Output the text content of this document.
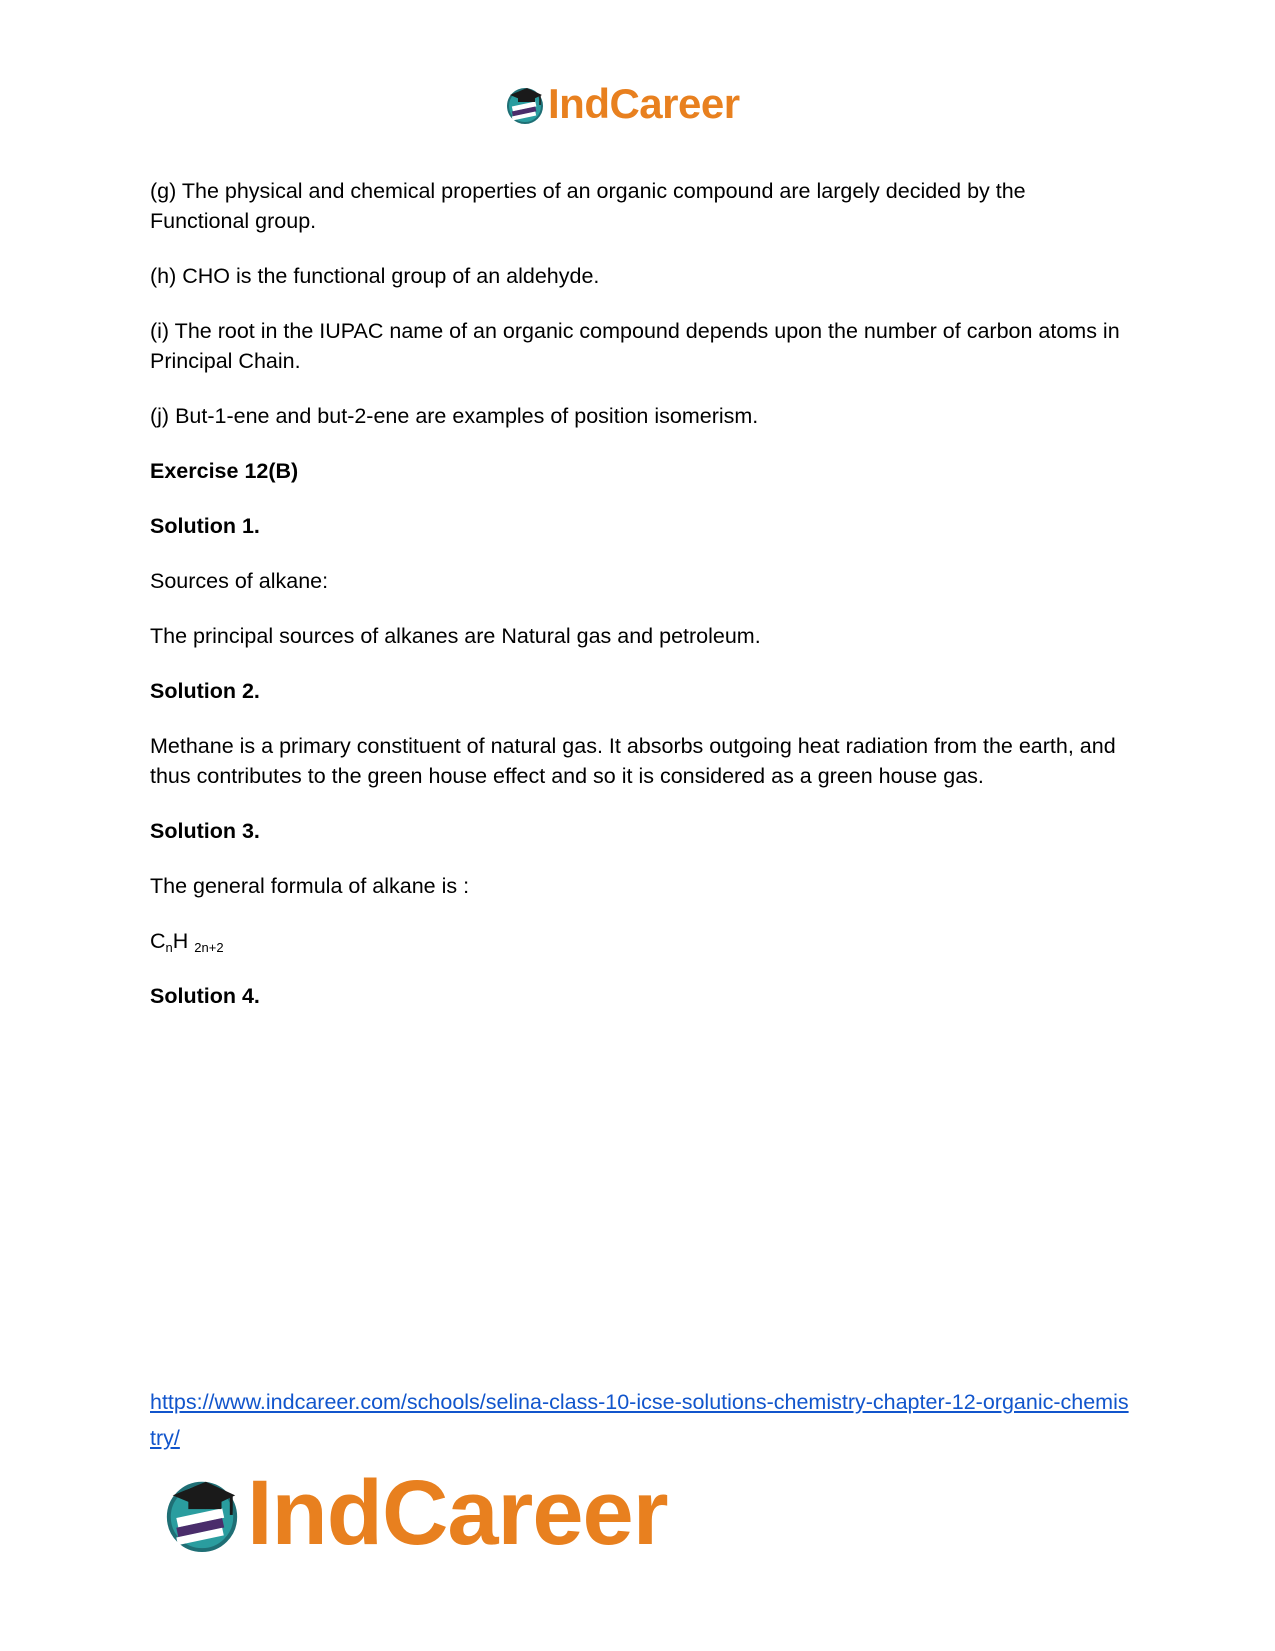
IndCareer

(g) The physical and chemical properties of an organic compound are largely decided by the Functional group.

(h) CHO is the functional group of an aldehyde.

(i) The root in the IUPAC name of an organic compound depends upon the number of carbon atoms in Principal Chain.

(j) But-1-ene and but-2-ene are examples of position isomerism.

Exercise 12(B)

Solution 1.

Sources of alkane:

The principal sources of alkanes are Natural gas and petroleum.

Solution 2.

Methane is a primary constituent of natural gas. It absorbs outgoing heat radiation from the earth, and thus contributes to the green house effect and so it is considered as a green house gas.

Solution 3.

The general formula of alkane is :

$C_nH$ $_{2n+2}$

Solution 4.

https://www.indcareer.com/schools/selina-class-10-icse-solutions-chemistry-chapter-12-organic-chemistry/
IndCareer
